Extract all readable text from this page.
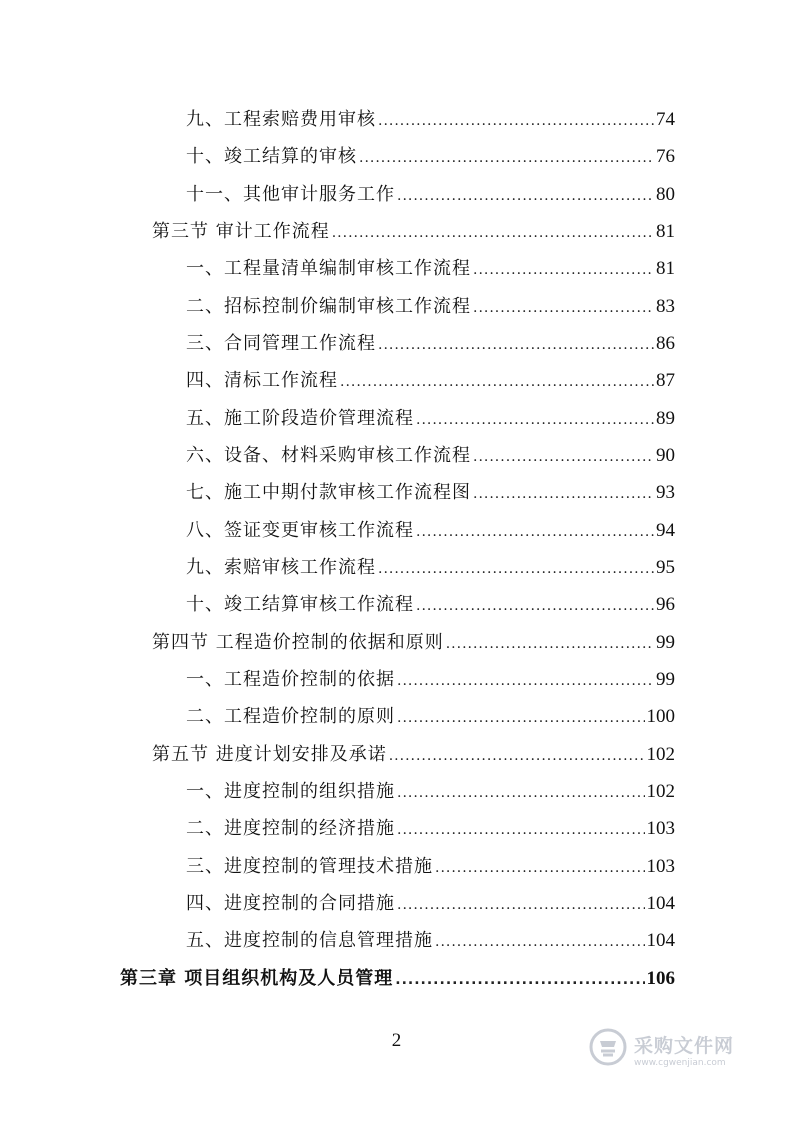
九、工程索赔费用审核 .....	74
十、竣工结算的审核 .....	76
十一、其他审计服务工作 .....	80
第三节 审计工作流程 .....	81
一、工程量清单编制审核工作流程 .....	81
二、招标控制价编制审核工作流程 .....	83
三、合同管理工作流程 .....	86
四、清标工作流程 .....	87
五、施工阶段造价管理流程 .....	89
六、设备、材料采购审核工作流程 .....	90
七、施工中期付款审核工作流程图 .....	93
八、签证变更审核工作流程 .....	94
九、索赔审核工作流程 .....	95
十、竣工结算审核工作流程 .....	96
第四节 工程造价控制的依据和原则 .....	99
一、工程造价控制的依据 .....	99
二、工程造价控制的原则 .....	100
第五节 进度计划安排及承诺 .....	102
一、进度控制的组织措施 .....	102
二、进度控制的经济措施 .....	103
三、进度控制的管理技术措施 .....	103
四、进度控制的合同措施 .....	104
五、进度控制的信息管理措施 .....	104
第三章 项目组织机构及人员管理 .....	106
2	采购文件网
www.cgwenjian.com
